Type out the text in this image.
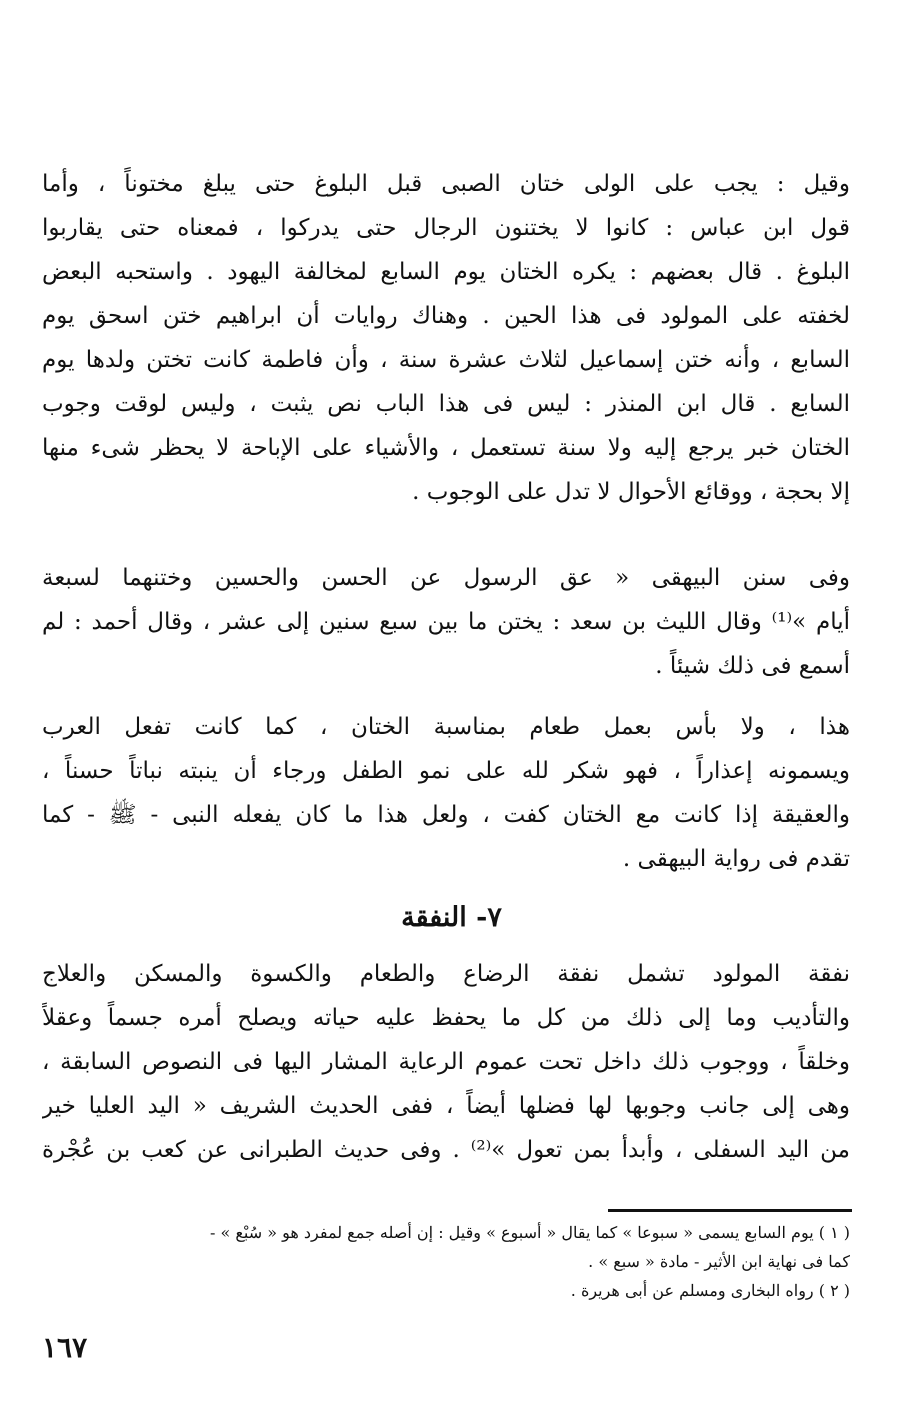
وقيل : يجب على الولى ختان الصبى قبل البلوغ حتى يبلغ مختوناً ، وأما
قول ابن عباس : كانوا لا يختنون الرجال حتى يدركوا ، فمعناه حتى يقاربوا
البلوغ . قال بعضهم : يكره الختان يوم السابع لمخالفة اليهود . واستحبه البعض
لخفته على المولود فى هذا الحين . وهناك روايات أن ابراهيم ختن اسحق يوم
السابع ، وأنه ختن إسماعيل لثلاث عشرة سنة ، وأن فاطمة كانت تختن ولدها يوم
السابع . قال ابن المنذر : ليس فى هذا الباب نص يثبت ، وليس لوقت وجوب
الختان خبر يرجع إليه ولا سنة تستعمل ، والأشياء على الإباحة لا يحظر شىء منها
إلا بحجة ، ووقائع الأحوال لا تدل على الوجوب .
وفى سنن البيهقى « عق الرسول عن الحسن والحسين وختنهما لسبعة
أيام »⁽¹⁾ وقال الليث بن سعد : يختن ما بين سبع سنين إلى عشر ، وقال أحمد : لم
أسمع فى ذلك شيئاً .
هذا ، ولا بأس بعمل طعام بمناسبة الختان ، كما كانت تفعل العرب
ويسمونه إعذاراً ، فهو شكر لله على نمو الطفل ورجاء أن ينبته نباتاً حسناً ،
والعقيقة إذا كانت مع الختان كفت ، ولعل هذا ما كان يفعله النبى - ﷺ - كما
تقدم فى رواية البيهقى .
٧- النفقة
نفقة المولود تشمل نفقة الرضاع والطعام والكسوة والمسكن والعلاج
والتأديب وما إلى ذلك من كل ما يحفظ عليه حياته ويصلح أمره جسماً وعقلاً
وخلقاً ، ووجوب ذلك داخل تحت عموم الرعاية المشار اليها فى النصوص السابقة ،
وهى إلى جانب وجوبها لها فضلها أيضاً ، ففى الحديث الشريف « اليد العليا خير
من اليد السفلى ، وأبدأ بمن تعول »⁽²⁾ . وفى حديث الطبرانى عن كعب بن عُجْرة
( ١ ) يوم السابع يسمى « سبوعا » كما يقال « أسبوع » وقيل : إن أصله جمع لمفرد هو « سُبْع » -
كما فى نهاية ابن الأثير - مادة « سبع » .
( ٢ ) رواه البخارى ومسلم عن أبى هريرة .
١٦٧
